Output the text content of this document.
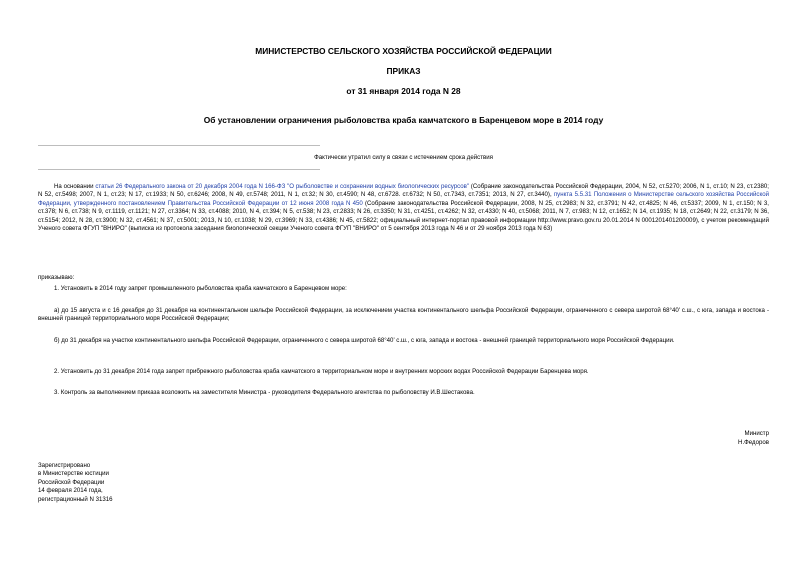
МИНИСТЕРСТВО СЕЛЬСКОГО ХОЗЯЙСТВА РОССИЙСКОЙ ФЕДЕРАЦИИ
ПРИКАЗ
от 31 января 2014 года N 28
Об установлении ограничения рыболовства краба камчатского в Баренцевом море в 2014 году
Фактически утратил силу в связи с истечением срока действия
На основании статьи 26 Федерального закона от 20 декабря 2004 года N 166-ФЗ "О рыболовстве и сохранении водных биологических ресурсов" (Собрание законодательства Российской Федерации, 2004, N 52, ст.5270; 2006, N 1, ст.10; N 23, ст.2380; N 52, ст.5498; 2007, N 1, ст.23; N 17, ст.1933; N 50, ст.6246; 2008, N 49, ст.5748; 2011, N 1, ст.32; N 30, ст.4590; N 48, ст.6728. ст.6732; N 50, ст.7343, ст.7351; 2013, N 27, ст.3440), пункта 5.5.31 Положения о Министерстве сельского хозяйства Российской Федерации, утвержденного постановлением Правительства Российской Федерации от 12 июня 2008 года N 450 (Собрание законодательства Российской Федерации, 2008, N 25, ст.2983; N 32, ст.3791; N 42, ст.4825; N 46, ст.5337; 2009, N 1, ст.150; N 3, ст.378; N 6, ст.738; N 9, ст.1119, ст.1121; N 27, ст.3364; N 33, ст.4088; 2010, N 4, ст.394; N 5, ст.538; N 23, ст.2833; N 26, ст.3350; N 31, ст.4251, ст.4262; N 32, ст.4330; N 40, ст.5068; 2011, N 7, ст.983; N 12, ст.1652; N 14, ст.1935; N 18, ст.2649; N 22, ст.3179; N 36, ст.5154; 2012, N 28, ст.3900; N 32, ст.4561; N 37, ст.5001; 2013, N 10, ст.1038; N 29, ст.3969; N 33, ст.4386; N 45, ст.5822; официальный интернет-портал правовой информации http://www.pravo.gov.ru 20.01.2014 N 0001201401200009), с учетом рекомендаций Ученого совета ФГУП "ВНИРО" (выписка из протокола заседания биологической секции Ученого совета ФГУП "ВНИРО" от 5 сентября 2013 года N 46 и от 29 ноября 2013 года N 63)
приказываю:
1. Установить в 2014 году запрет промышленного рыболовства краба камчатского в Баренцевом море:
а) до 15 августа и с 16 декабря до 31 декабря на континентальном шельфе Российской Федерации, за исключением участка континентального шельфа Российской Федерации, ограниченного с севера широтой 68°40' с.ш., с юга, запада и востока - внешней границей территориального моря Российской Федерации;
б) до 31 декабря на участке континентального шельфа Российской Федерации, ограниченного с севера широтой 68°40' с.ш., с юга, запада и востока - внешней границей территориального моря Российской Федерации.
2. Установить до 31 декабря 2014 года запрет прибрежного рыболовства краба камчатского в территориальном море и внутренних морских водах Российской Федерации Баренцева моря.
3. Контроль за выполнением приказа возложить на заместителя Министра - руководителя Федерального агентства по рыболовству И.В.Шестакова.
Министр
Н.Федоров
Зарегистрировано
в Министерстве юстиции
Российской Федерации
14 февраля 2014 года,
регистрационный N 31316
